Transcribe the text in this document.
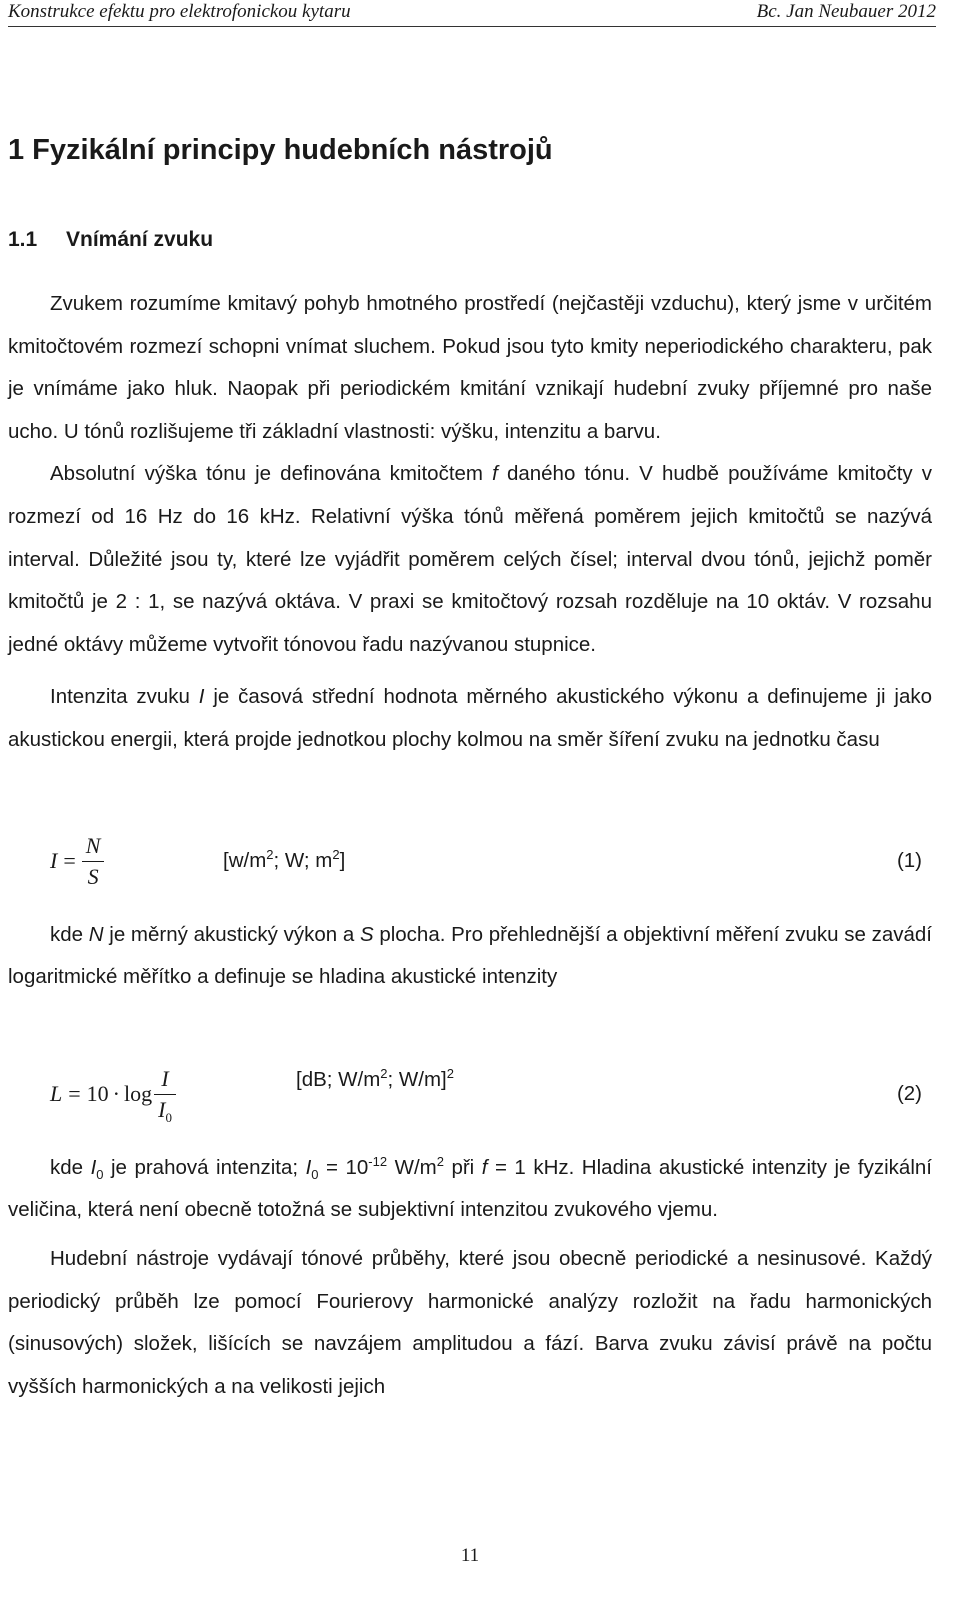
Konstrukce efektu pro elektrofonickou kytaru	Bc. Jan Neubauer 2012
1 Fyzikální principy hudebních nástrojů
1.1 Vnímání zvuku

Zvukem rozumíme kmitavý pohyb hmotného prostředí (nejčastěji vzduchu), který jsme v určitém kmitočtovém rozmezí schopni vnímat sluchem. Pokud jsou tyto kmity neperiodického charakteru, pak je vnímáme jako hluk. Naopak při periodickém kmitání vznikají hudební zvuky příjemné pro naše ucho. U tónů rozlišujeme tři základní vlastnosti: výšku, intenzitu a barvu.

Absolutní výška tónu je definována kmitočtem f daného tónu. V hudbě používáme kmitočty v rozmezí od 16 Hz do 16 kHz. Relativní výška tónů měřená poměrem jejich kmitočtů se nazývá interval. Důležité jsou ty, které lze vyjádřit poměrem celých čísel; interval dvou tónů, jejichž poměr kmitočtů je 2 : 1, se nazývá oktáva. V praxi se kmitočtový rozsah rozděluje na 10 oktáv. V rozsahu jedné oktávy můžeme vytvořit tónovou řadu nazývanou stupnice.

Intenzita zvuku I je časová střední hodnota měrného akustického výkonu a definujeme ji jako akustickou energii, která projde jednotkou plochy kolmou na směr šíření zvuku na jednotku času

$I = \frac{N}{S}$	[$w/m^2$; W; $m^2$]	(1)

kde N je měrný akustický výkon a S plocha. Pro přehlednější a objektivní měření zvuku se zavádí logaritmické měřítko a definuje se hladina akustické intenzity

$L = 10 \cdot \log \frac{I}{I_0}$	[dB; $W/m^2$; W/m]$^2$
(2)

kde $I_0$ je prahová intenzita; $I_0 = 10^{-12}$ $W/m^2$ při f = 1 kHz. Hladina akustické intenzity je fyzikální veličina, která není obecně totožná se subjektivní intenzitou zvukového vjemu.

Hudební nástroje vydávají tónové průběhy, které jsou obecně periodické a nesinusové. Každý periodický průběh lze pomocí Fourierovy harmonické analýzy rozložit na řadu harmonických (sinusových) složek, lišících se navzájem amplitudou a fází. Barva zvuku závisí právě na počtu vyšších harmonických a na velikosti jejich

11
